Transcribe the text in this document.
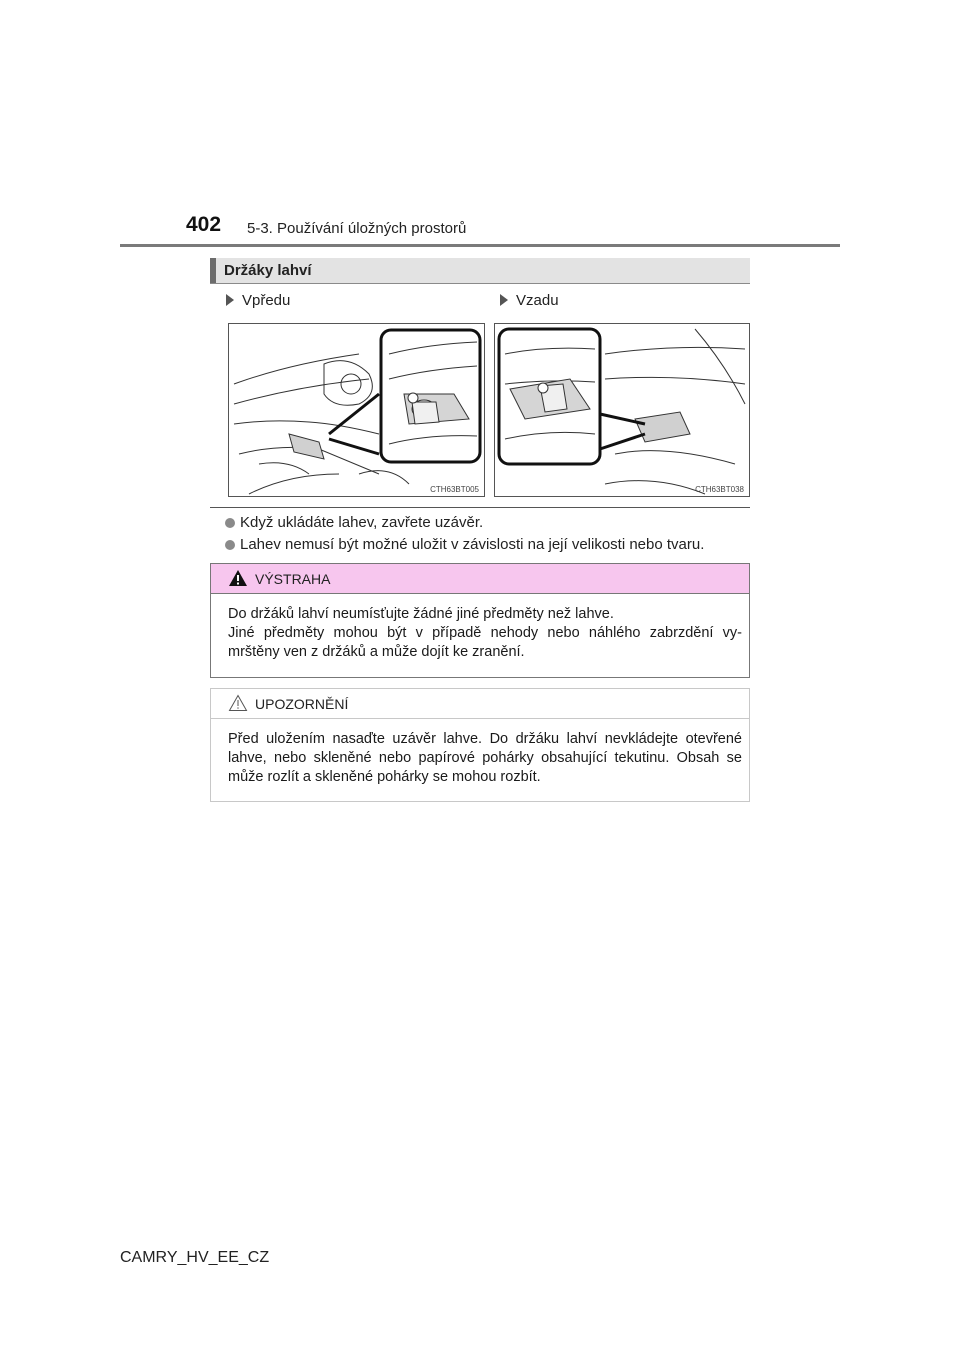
402 5-3. Používání úložných prostorů
Držáky lahví
Vpředu	Vzadu
CTH63BT005	CTH63BT038
Když ukládáte lahev, zavřete uzávěr.
Lahev nemusí být možné uložit v závislosti na její velikosti nebo tvaru.
VÝSTRAHA
Do držáků lahví neumísťujte žádné jiné předměty než lahve.
Jiné předměty mohou být v případě nehody nebo náhlého zabrzdění vy-
mrštěny ven z držáků a může dojít ke zranění.
UPOZORNĚNÍ
Před uložením nasaďte uzávěr lahve. Do držáku lahví nevkládejte otevřené
lahve, nebo skleněné nebo papírové pohárky obsahující tekutinu. Obsah se
může rozlít a skleněné pohárky se mohou rozbít.
CAMRY_HV_EE_CZ
